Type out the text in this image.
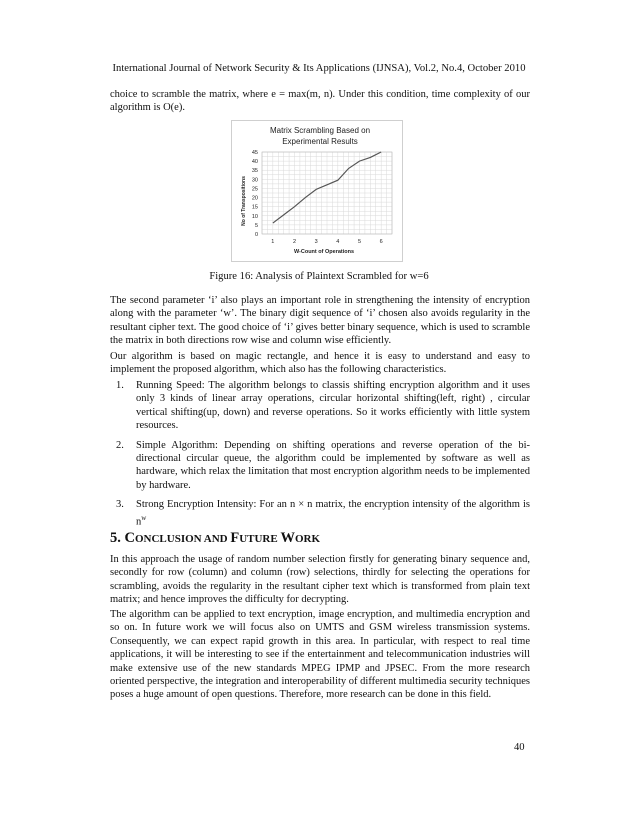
International Journal of Network Security & Its Applications (IJNSA), Vol.2, No.4, October 2010

choice to scramble the matrix, where e = max(m, n). Under this condition, time complexity of our algorithm is O(e).

Matrix Scrambling Based on
Experimental Results
0
5
10
15
20
25
30
35
40
45
1	2	3	4	5	6
No of Transpositions
W-Count of Operations
Figure 16: Analysis of Plaintext Scrambled for w=6

The second parameter ‘i’ also plays an important role in strengthening the intensity of encryption along with the parameter ‘w’. The binary digit sequence of ‘i’ chosen also avoids regularity in the resultant cipher text. The good choice of ‘i’ gives better binary sequence, which is used to scramble the matrix in both directions row wise and column wise efficiently.

Our algorithm is based on magic rectangle, and hence it is easy to understand and easy to implement the proposed algorithm, which also has the following characteristics.

1. Running Speed: The algorithm belongs to classis shifting encryption algorithm and it uses only 3 kinds of linear array operations, circular horizontal shifting(left, right) , circular vertical shifting(up, down) and reverse operations. So it works efficiently with little system resources.
2. Simple Algorithm: Depending on shifting operations and reverse operation of the bi-directional circular queue, the algorithm could be implemented by software as well as hardware, which relax the limitation that most encryption algorithm needs to be implemented by hardware.
3. Strong Encryption Intensity: For an n × n matrix, the encryption intensity of the algorithm is $n^w$
5. CONCLUSION AND FUTURE WORK

In this approach the usage of random number selection firstly for generating binary sequence and, secondly for row (column) and column (row) selections, thirdly for selecting the operations for scrambling, avoids the regularity in the resultant cipher text which is transformed from plain text matrix; and hence improves the difficulty for decrypting.

The algorithm can be applied to text encryption, image encryption, and multimedia encryption and so on. In future work we will focus also on UMTS and GSM wireless transmission systems. Consequently, we can expect rapid growth in this area. In particular, with respect to real time applications, it will be interesting to see if the entertainment and telecommunication industries will make extensive use of the new standards MPEG IPMP and JPSEC. From the more research oriented perspective, the integration and interoperability of different multimedia security techniques poses a huge amount of open questions. Therefore, more research can be done in this field.

40
